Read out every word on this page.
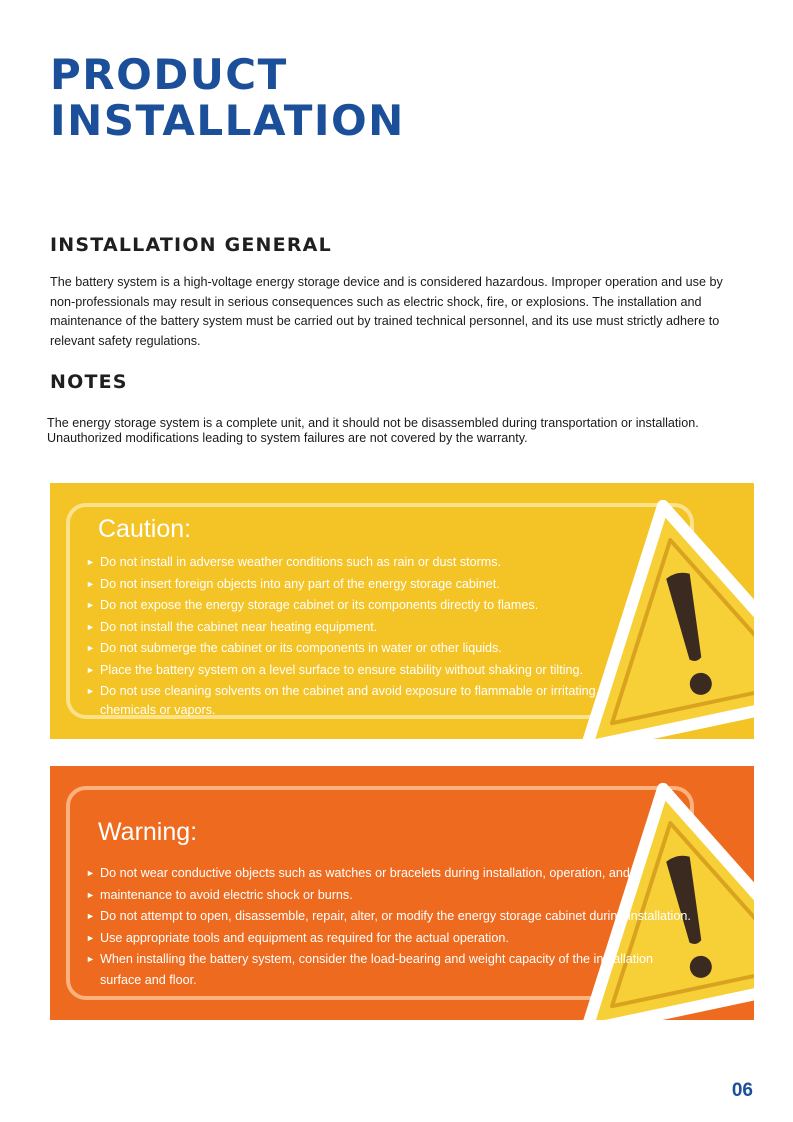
PRODUCT
INSTALLATION
INSTALLATION GENERAL

The battery system is a high-voltage energy storage device and is considered hazardous. Improper operation and use by non-professionals may result in serious consequences such as electric shock, fire, or explosions. The installation and maintenance of the battery system must be carried out by trained technical personnel, and its use must strictly adhere to relevant safety regulations.

NOTES

The energy storage system is a complete unit, and it should not be disassembled during transportation or installation. Unauthorized modifications leading to system failures are not covered by the warranty.

Caution:
► Do not install in adverse weather conditions such as rain or dust storms.
► Do not insert foreign objects into any part of the energy storage cabinet.
► Do not expose the energy storage cabinet or its components directly to flames.
► Do not install the cabinet near heating equipment.
► Do not submerge the cabinet or its components in water or other liquids.
► Place the battery system on a level surface to ensure stability without shaking or tilting.
► Do not use cleaning solvents on the cabinet and avoid exposure to flammable or irritating chemicals or vapors.
Warning:
► Do not wear conductive objects such as watches or bracelets during installation, operation, and
► maintenance to avoid electric shock or burns.
► Do not attempt to open, disassemble, repair, alter, or modify the energy storage cabinet during installation.
► Use appropriate tools and equipment as required for the actual operation.
► When installing the battery system, consider the load-bearing and weight capacity of the installation surface and floor.
06
